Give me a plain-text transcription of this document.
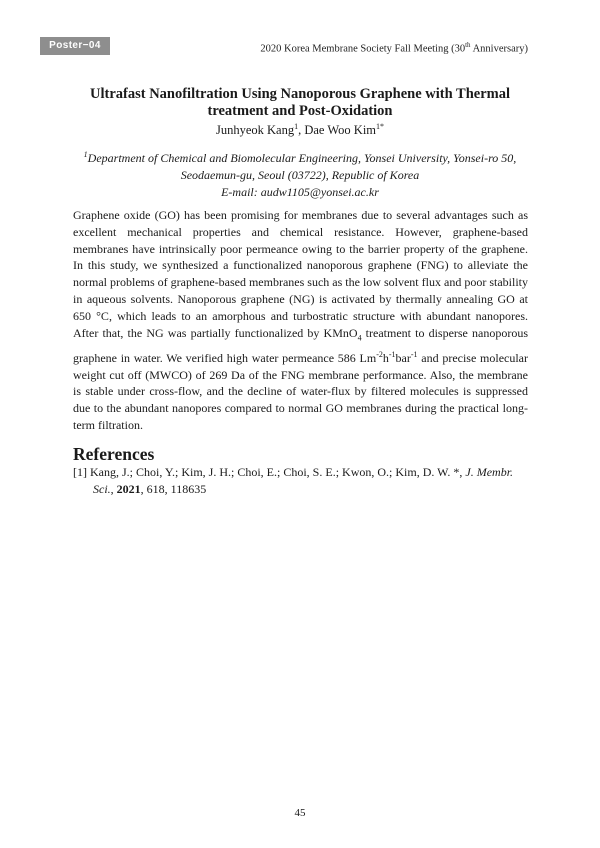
Poster−04	2020 Korea Membrane Society Fall Meeting (30th Anniversary)
Ultrafast Nanofiltration Using Nanoporous Graphene with Thermal
treatment and Post-Oxidation
Junhyeok Kang$^1$, Dae Woo Kim$^{1*}$
$^1$Department of Chemical and Biomolecular Engineering, Yonsei University, Yonsei-ro 50,
Seodaemun-gu, Seoul (03722), Republic of Korea
E-mail: audw1105@yonsei.ac.kr

Graphene oxide (GO) has been promising for membranes due to several advantages such as excellent mechanical properties and chemical resistance. However, graphene-based membranes have intrinsically poor permeance owing to the barrier property of the graphene. In this study, we synthesized a functionalized nanoporous graphene (FNG) to alleviate the normal problems of graphene-based membranes such as the low solvent flux and poor stability in aqueous solvents. Nanoporous graphene (NG) is activated by thermally annealing GO at 650 °C, which leads to an amorphous and turbostratic structure with abundant nanopores. After that, the NG was partially functionalized by KMnO$_4$ treatment to disperse nanoporous graphene in water. We verified high water permeance 586 $Lm^{-2}h^{-1}bar^{-1}$ and precise molecular weight cut off (MWCO) of 269 Da of the FNG membrane performance. Also, the membrane is stable under cross-flow, and the decline of water-flux by filtered molecules is suppressed due to the abundant nanopores compared to normal GO membranes during the practical long-term filtration.

References
[1] Kang, J.; Choi, Y.; Kim, J. H.; Choi, E.; Choi, S. E.; Kwon, O.; Kim, D. W. *, J. Membr.
Sci., 2021, 618, 118635
45
